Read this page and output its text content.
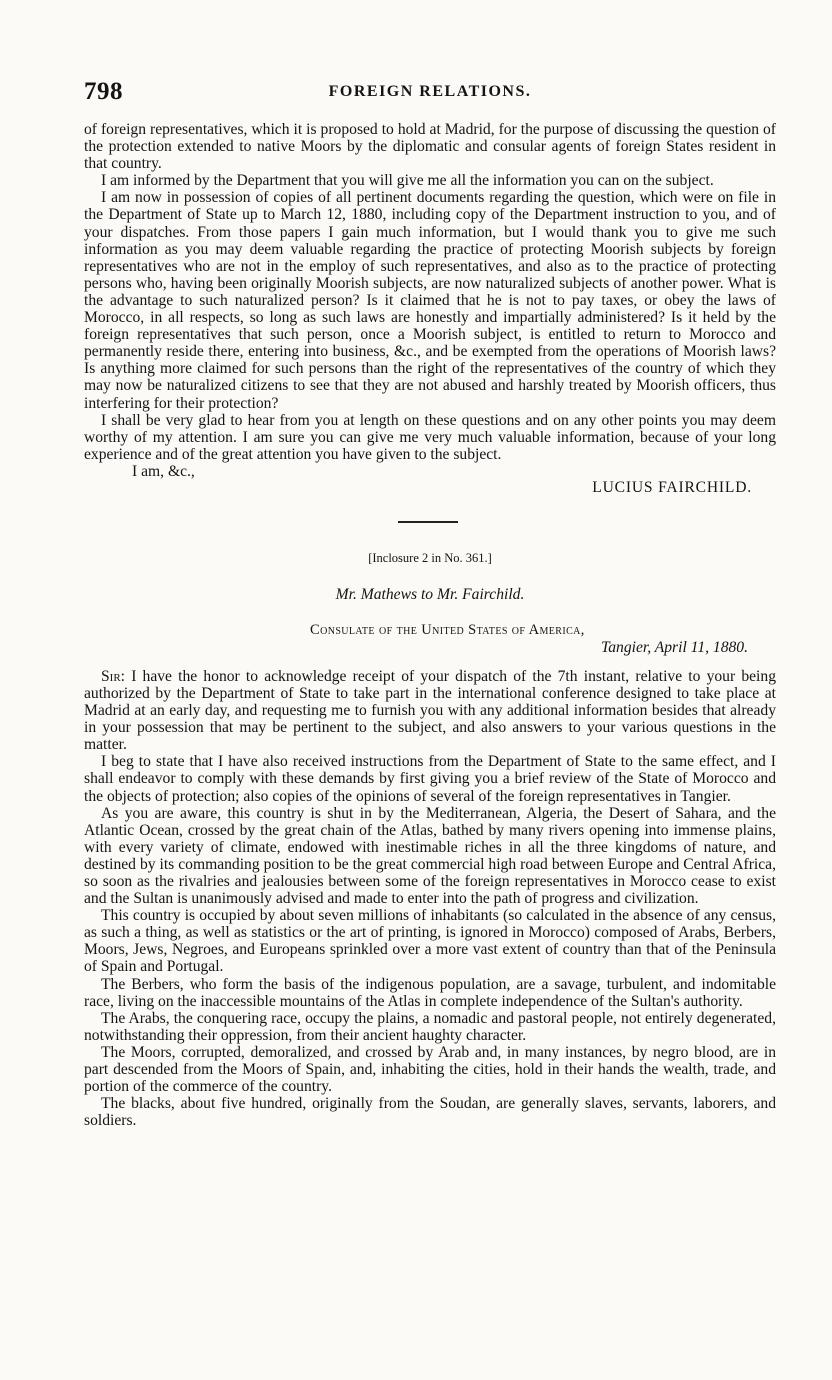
798	FOREIGN RELATIONS.

of foreign representatives, which it is proposed to hold at Madrid, for the purpose of discussing the question of the protection extended to native Moors by the diplomatic and consular agents of foreign States resident in that country.

I am informed by the Department that you will give me all the information you can on the subject.

I am now in possession of copies of all pertinent documents regarding the question, which were on file in the Department of State up to March 12, 1880, including copy of the Department instruction to you, and of your dispatches. From those papers I gain much information, but I would thank you to give me such information as you may deem valuable regarding the practice of protecting Moorish subjects by foreign representatives who are not in the employ of such representatives, and also as to the practice of protecting persons who, having been originally Moorish subjects, are now naturalized subjects of another power. What is the advantage to such naturalized person? Is it claimed that he is not to pay taxes, or obey the laws of Morocco, in all respects, so long as such laws are honestly and impartially administered? Is it held by the foreign representatives that such person, once a Moorish subject, is entitled to return to Morocco and permanently reside there, entering into business, &c., and be exempted from the operations of Moorish laws? Is anything more claimed for such persons than the right of the representatives of the country of which they may now be naturalized citizens to see that they are not abused and harshly treated by Moorish officers, thus interfering for their protection?

I shall be very glad to hear from you at length on these questions and on any other points you may deem worthy of my attention. I am sure you can give me very much valuable information, because of your long experience and of the great attention you have given to the subject.

I am, &c.,
LUCIUS FAIRCHILD.
[Inclosure 2 in No. 361.]
Mr. Mathews to Mr. Fairchild.
Consulate of the United States of America,
Tangier, April 11, 1880.

Sir: I have the honor to acknowledge receipt of your dispatch of the 7th instant, relative to your being authorized by the Department of State to take part in the international conference designed to take place at Madrid at an early day, and requesting me to furnish you with any additional information besides that already in your possession that may be pertinent to the subject, and also answers to your various questions in the matter.

I beg to state that I have also received instructions from the Department of State to the same effect, and I shall endeavor to comply with these demands by first giving you a brief review of the State of Morocco and the objects of protection; also copies of the opinions of several of the foreign representatives in Tangier.

As you are aware, this country is shut in by the Mediterranean, Algeria, the Desert of Sahara, and the Atlantic Ocean, crossed by the great chain of the Atlas, bathed by many rivers opening into immense plains, with every variety of climate, endowed with inestimable riches in all the three kingdoms of nature, and destined by its commanding position to be the great commercial high road between Europe and Central Africa, so soon as the rivalries and jealousies between some of the foreign representatives in Morocco cease to exist and the Sultan is unanimously advised and made to enter into the path of progress and civilization.

This country is occupied by about seven millions of inhabitants (so calculated in the absence of any census, as such a thing, as well as statistics or the art of printing, is ignored in Morocco) composed of Arabs, Berbers, Moors, Jews, Negroes, and Europeans sprinkled over a more vast extent of country than that of the Peninsula of Spain and Portugal.

The Berbers, who form the basis of the indigenous population, are a savage, turbulent, and indomitable race, living on the inaccessible mountains of the Atlas in complete independence of the Sultan's authority.

The Arabs, the conquering race, occupy the plains, a nomadic and pastoral people, not entirely degenerated, notwithstanding their oppression, from their ancient haughty character.

The Moors, corrupted, demoralized, and crossed by Arab and, in many instances, by negro blood, are in part descended from the Moors of Spain, and, inhabiting the cities, hold in their hands the wealth, trade, and portion of the commerce of the country.

The blacks, about five hundred, originally from the Soudan, are generally slaves, servants, laborers, and soldiers.
